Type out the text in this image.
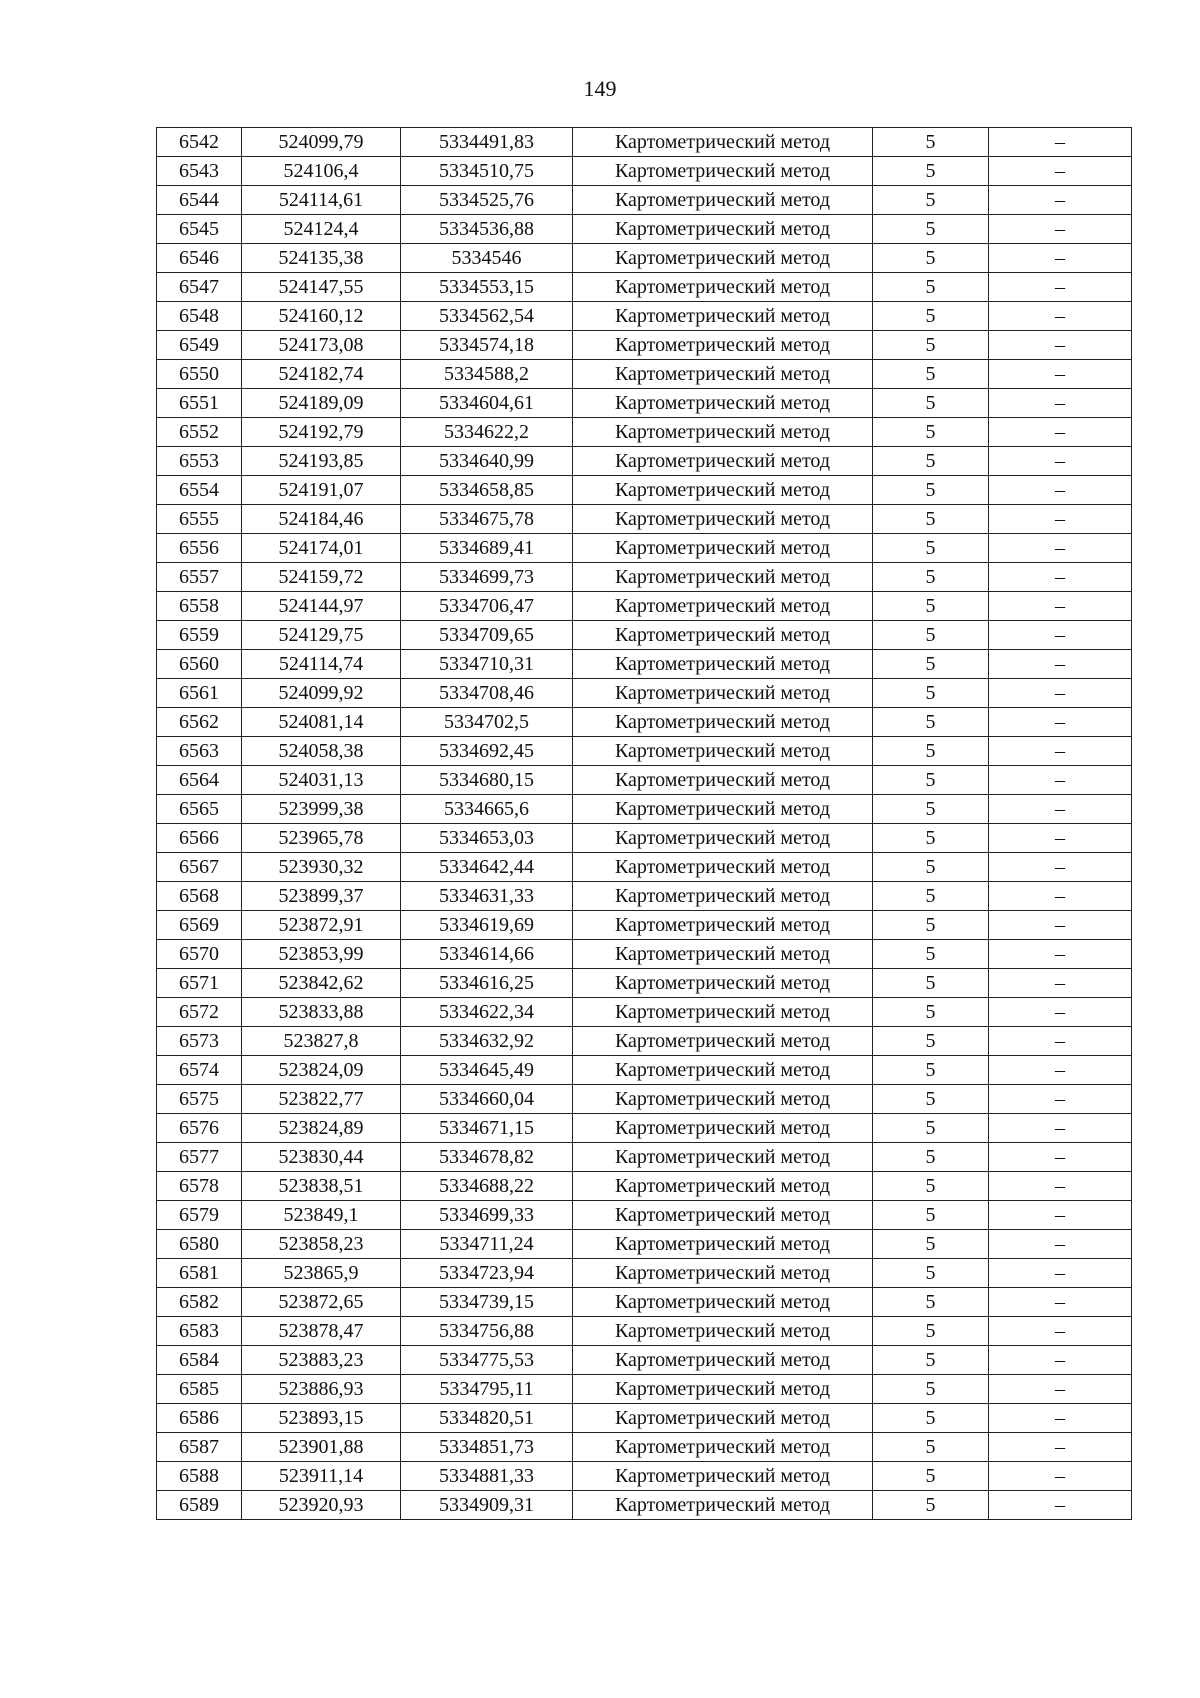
149
6542	524099,79	5334491,83	Картометрический метод	5	–
6543	524106,4	5334510,75	Картометрический метод	5	–
6544	524114,61	5334525,76	Картометрический метод	5	–
6545	524124,4	5334536,88	Картометрический метод	5	–
6546	524135,38	5334546	Картометрический метод	5	–
6547	524147,55	5334553,15	Картометрический метод	5	–
6548	524160,12	5334562,54	Картометрический метод	5	–
6549	524173,08	5334574,18	Картометрический метод	5	–
6550	524182,74	5334588,2	Картометрический метод	5	–
6551	524189,09	5334604,61	Картометрический метод	5	–
6552	524192,79	5334622,2	Картометрический метод	5	–
6553	524193,85	5334640,99	Картометрический метод	5	–
6554	524191,07	5334658,85	Картометрический метод	5	–
6555	524184,46	5334675,78	Картометрический метод	5	–
6556	524174,01	5334689,41	Картометрический метод	5	–
6557	524159,72	5334699,73	Картометрический метод	5	–
6558	524144,97	5334706,47	Картометрический метод	5	–
6559	524129,75	5334709,65	Картометрический метод	5	–
6560	524114,74	5334710,31	Картометрический метод	5	–
6561	524099,92	5334708,46	Картометрический метод	5	–
6562	524081,14	5334702,5	Картометрический метод	5	–
6563	524058,38	5334692,45	Картометрический метод	5	–
6564	524031,13	5334680,15	Картометрический метод	5	–
6565	523999,38	5334665,6	Картометрический метод	5	–
6566	523965,78	5334653,03	Картометрический метод	5	–
6567	523930,32	5334642,44	Картометрический метод	5	–
6568	523899,37	5334631,33	Картометрический метод	5	–
6569	523872,91	5334619,69	Картометрический метод	5	–
6570	523853,99	5334614,66	Картометрический метод	5	–
6571	523842,62	5334616,25	Картометрический метод	5	–
6572	523833,88	5334622,34	Картометрический метод	5	–
6573	523827,8	5334632,92	Картометрический метод	5	–
6574	523824,09	5334645,49	Картометрический метод	5	–
6575	523822,77	5334660,04	Картометрический метод	5	–
6576	523824,89	5334671,15	Картометрический метод	5	–
6577	523830,44	5334678,82	Картометрический метод	5	–
6578	523838,51	5334688,22	Картометрический метод	5	–
6579	523849,1	5334699,33	Картометрический метод	5	–
6580	523858,23	5334711,24	Картометрический метод	5	–
6581	523865,9	5334723,94	Картометрический метод	5	–
6582	523872,65	5334739,15	Картометрический метод	5	–
6583	523878,47	5334756,88	Картометрический метод	5	–
6584	523883,23	5334775,53	Картометрический метод	5	–
6585	523886,93	5334795,11	Картометрический метод	5	–
6586	523893,15	5334820,51	Картометрический метод	5	–
6587	523901,88	5334851,73	Картометрический метод	5	–
6588	523911,14	5334881,33	Картометрический метод	5	–
6589	523920,93	5334909,31	Картометрический метод	5	–
